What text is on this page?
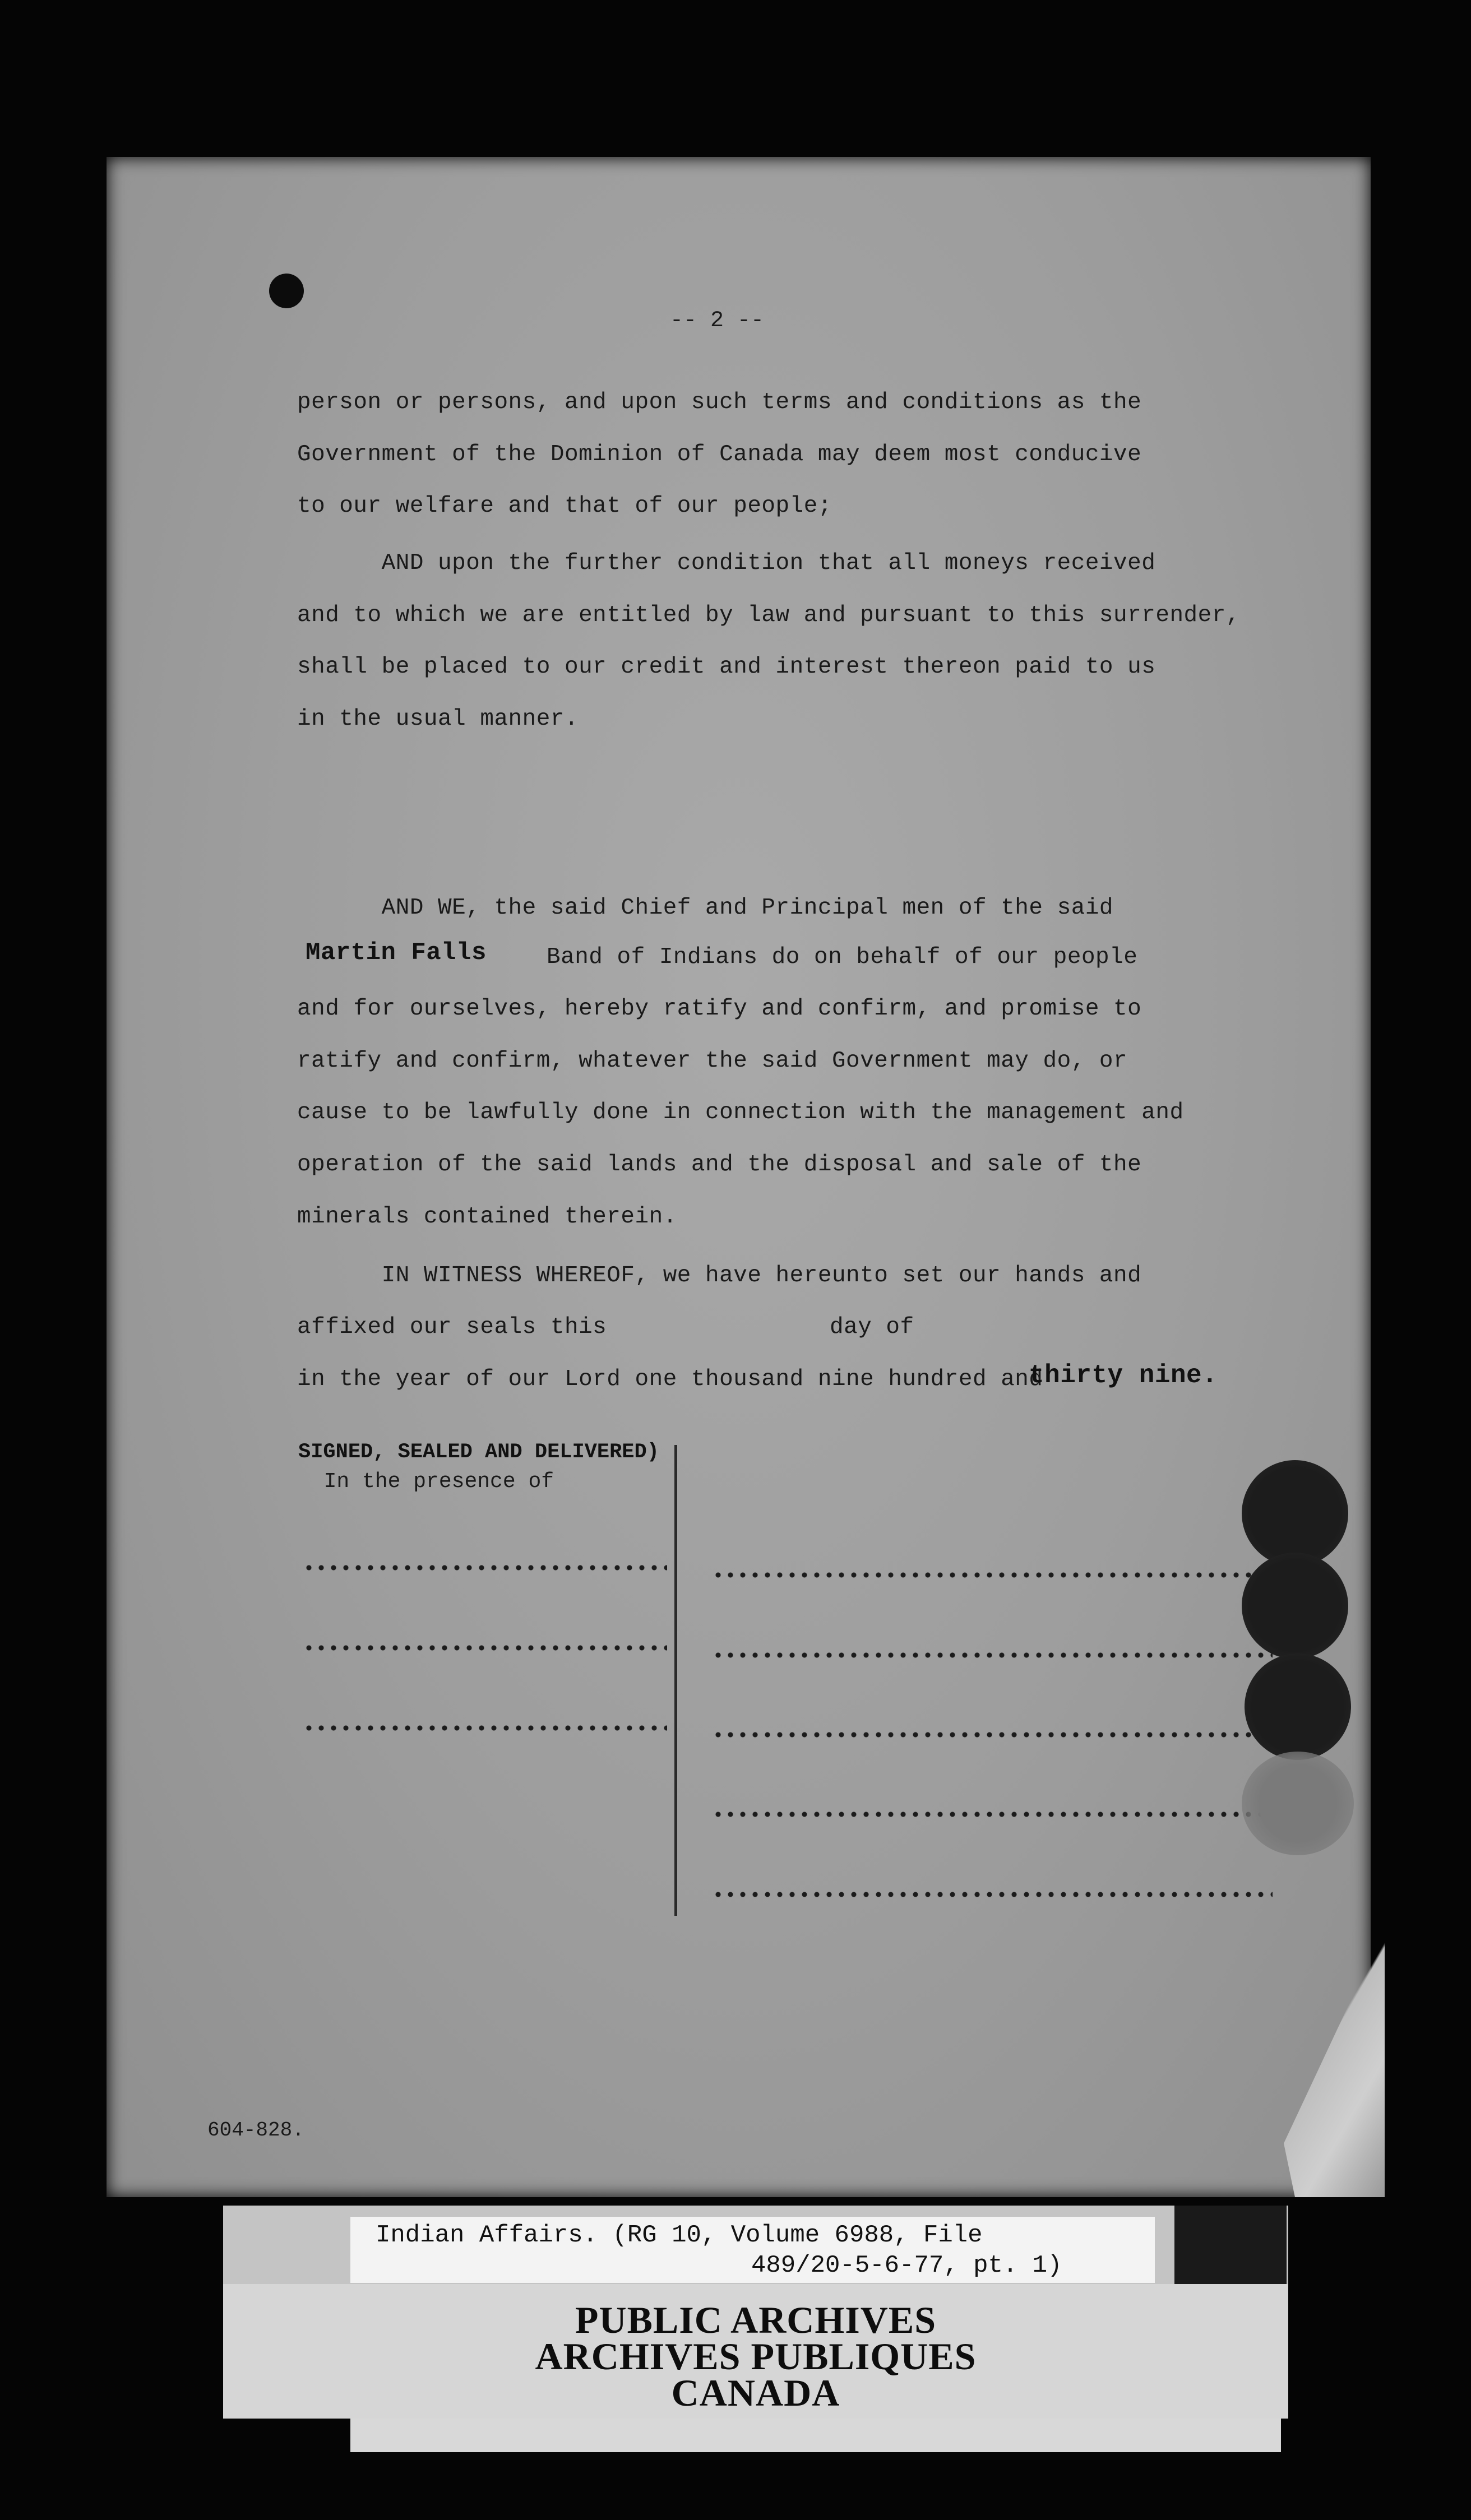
-- 2 --
person or persons, and upon such terms and conditions as the
Government of the Dominion of Canada may deem most conducive
to our welfare and that of our people;
AND upon the further condition that all moneys received
and to which we are entitled by law and pursuant to this surrender,
shall be placed to our credit and interest thereon paid to us
in the usual manner.
AND WE, the said Chief and Principal men of the said
Martin Falls	Band of Indians do on behalf of our people
and for ourselves, hereby ratify and confirm, and promise to
ratify and confirm, whatever the said Government may do, or
cause to be lawfully done in connection with the management and
operation of the said lands and the disposal and sale of the
minerals contained therein.
IN WITNESS WHEREOF, we have hereunto set our hands and
affixed our seals this	day of
in the year of our Lord one thousand nine hundred and
thirty nine.
SIGNED, SEALED AND DELIVERED)
In the presence of
604-828.
Indian Affairs. (RG 10, Volume 6988, File
489/20-5-6-77, pt. 1)
PUBLIC ARCHIVES
ARCHIVES PUBLIQUES
CANADA
